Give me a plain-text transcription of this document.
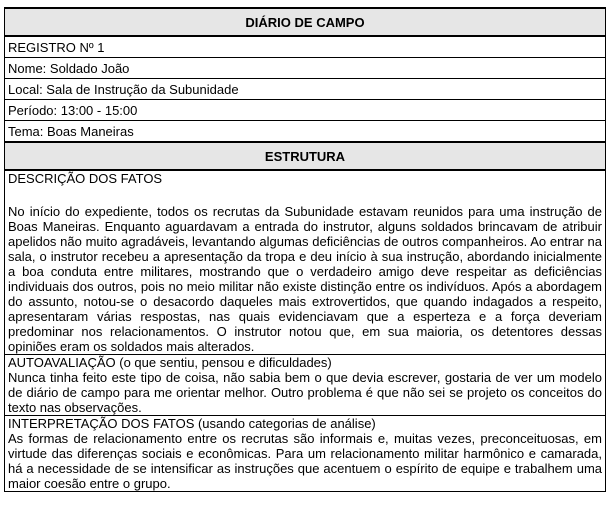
DIÁRIO DE CAMPO
REGISTRO Nº 1
Nome: Soldado João
Local: Sala de Instrução da Subunidade
Período: 13:00 - 15:00
Tema: Boas Maneiras
ESTRUTURA

DESCRIÇÃO DOS FATOS

No início do expediente, todos os recrutas da Subunidade estavam reunidos para uma instrução de Boas Maneiras. Enquanto aguardavam a entrada do instrutor, alguns soldados brincavam de atribuir apelidos não muito agradáveis, levantando algumas deficiências de outros companheiros. Ao entrar na sala, o instrutor recebeu a apresentação da tropa e deu início à sua instrução, abordando inicialmente a boa conduta entre militares, mostrando que o verdadeiro amigo deve respeitar as deficiências individuais dos outros, pois no meio militar não existe distinção entre os indivíduos. Após a abordagem do assunto, notou-se o desacordo daqueles mais extrovertidos, que quando indagados a respeito, apresentaram várias respostas, nas quais evidenciavam que a esperteza e a força deveriam predominar nos relacionamentos. O instrutor notou que, em sua maioria, os detentores dessas opiniões eram os soldados mais alterados.

AUTOAVALIAÇÃO (o que sentiu, pensou e dificuldades)

Nunca tinha feito este tipo de coisa, não sabia bem o que devia escrever, gostaria de ver um modelo de diário de campo para me orientar melhor. Outro problema é que não sei se projeto os conceitos do texto nas observações.

INTERPRETAÇÃO DOS FATOS (usando categorias de análise)

As formas de relacionamento entre os recrutas são informais e, muitas vezes, preconceituosas, em virtude das diferenças sociais e econômicas. Para um relacionamento militar harmônico e camarada, há a necessidade de se intensificar as instruções que acentuem o espírito de equipe e trabalhem uma maior coesão entre o grupo.
